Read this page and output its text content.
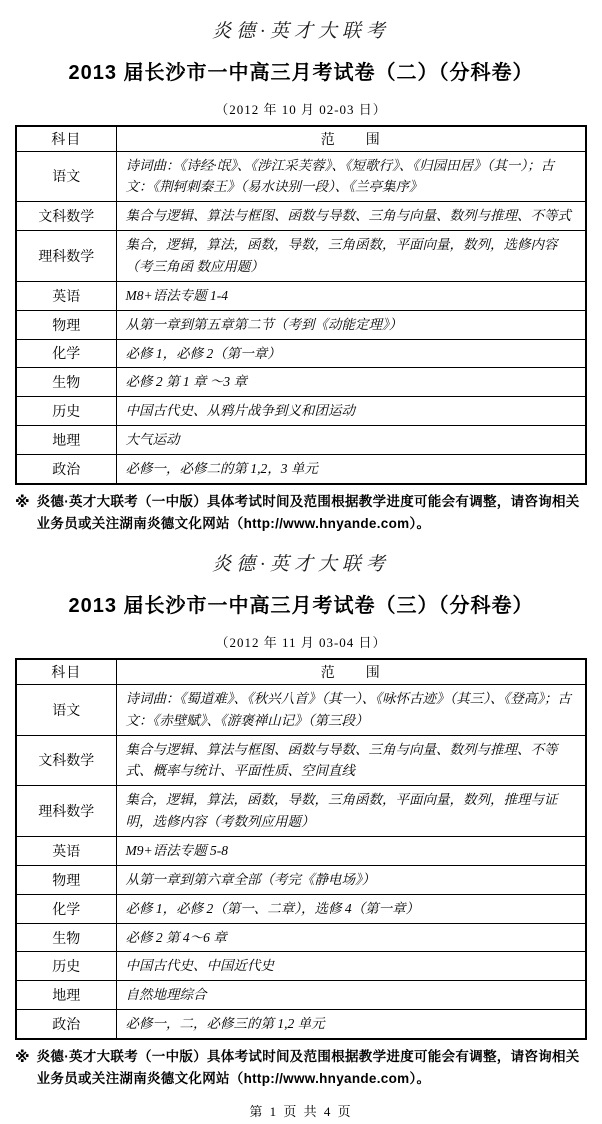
炎德·英才大联考
2013 届长沙市一中高三月考试卷（二）（分科卷）
（2012 年 10 月 02-03 日）
科目	范　　围
语文	诗词曲：《诗经·氓》、《涉江采芙蓉》、《短歌行》、《归园田居》（其一）；古文：《荆轲刺秦王》（易水诀别一段）、《兰亭集序》
文科数学	集合与逻辑、算法与框图、函数与导数、三角与向量、数列与推理、不等式
理科数学	集合，逻辑，算法，函数，导数，三角函数，平面向量，数列，选修内容（考三角函 数应用题）
英语	M8+语法专题 1-4
物理	从第一章到第五章第二节（考到《动能定理》）
化学	必修 1，必修 2（第一章）
生物	必修 2 第 1 章 ～3 章
历史	中国古代史、从鸦片战争到义和团运动
地理	大气运动
政治	必修一，必修二的第 1,2，3 单元
※ 炎德·英才大联考（一中版）具体考试时间及范围根据教学进度可能会有调整，请咨询相关业务员或关注湖南炎德文化网站（http://www.hnyande.com）。
炎德·英才大联考
2013 届长沙市一中高三月考试卷（三）（分科卷）
（2012 年 11 月 03-04 日）
科目	范　　围
语文	诗词曲：《蜀道难》、《秋兴八首》（其一）、《咏怀古迹》（其三）、《登高》；古文：《赤壁赋》、《游褒禅山记》（第三段）
文科数学	集合与逻辑、算法与框图、函数与导数、三角与向量、数列与推理、不等式、概率与统计、平面性质、空间直线
理科数学	集合，逻辑，算法，函数，导数，三角函数，平面向量，数列，推理与证明，选修内容（考数列应用题）
英语	M9+语法专题 5-8
物理	从第一章到第六章全部（考完《静电场》）
化学	必修 1，必修 2（第一、二章），选修 4（第一章）
生物	必修 2 第 4～6 章
历史	中国古代史、中国近代史
地理	自然地理综合
政治	必修一，二，必修三的第 1,2 单元
※ 炎德·英才大联考（一中版）具体考试时间及范围根据教学进度可能会有调整，请咨询相关业务员或关注湖南炎德文化网站（http://www.hnyande.com）。
第 1 页 共 4 页
